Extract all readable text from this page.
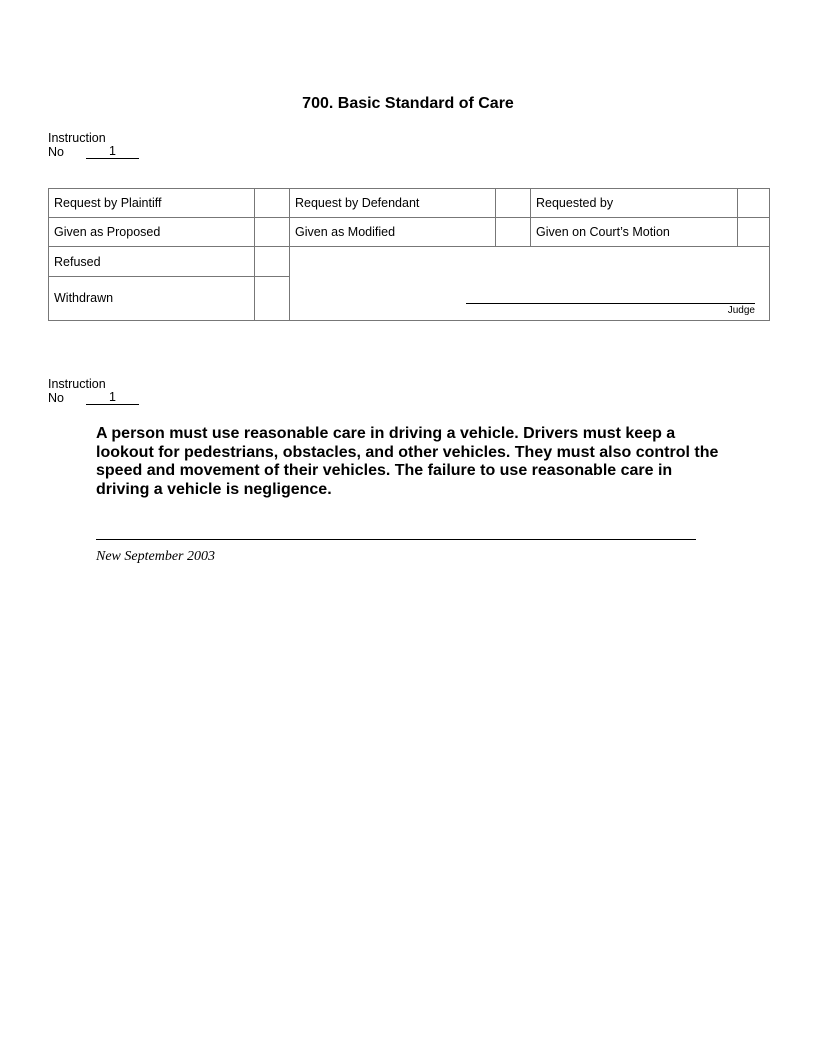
700. Basic Standard of Care
Instruction
No	1
Request by Plaintiff		Request by Defendant		Requested by	
Given as Proposed		Given as Modified		Given on Court’s Motion	
Refused		Judge			

Withdrawn					
Instruction
No	1
A person must use reasonable care in driving a vehicle. Drivers must keep a lookout for pedestrians, obstacles, and other vehicles. They must also control the speed and movement of their vehicles. The failure to use reasonable care in driving a vehicle is negligence.
New September 2003
